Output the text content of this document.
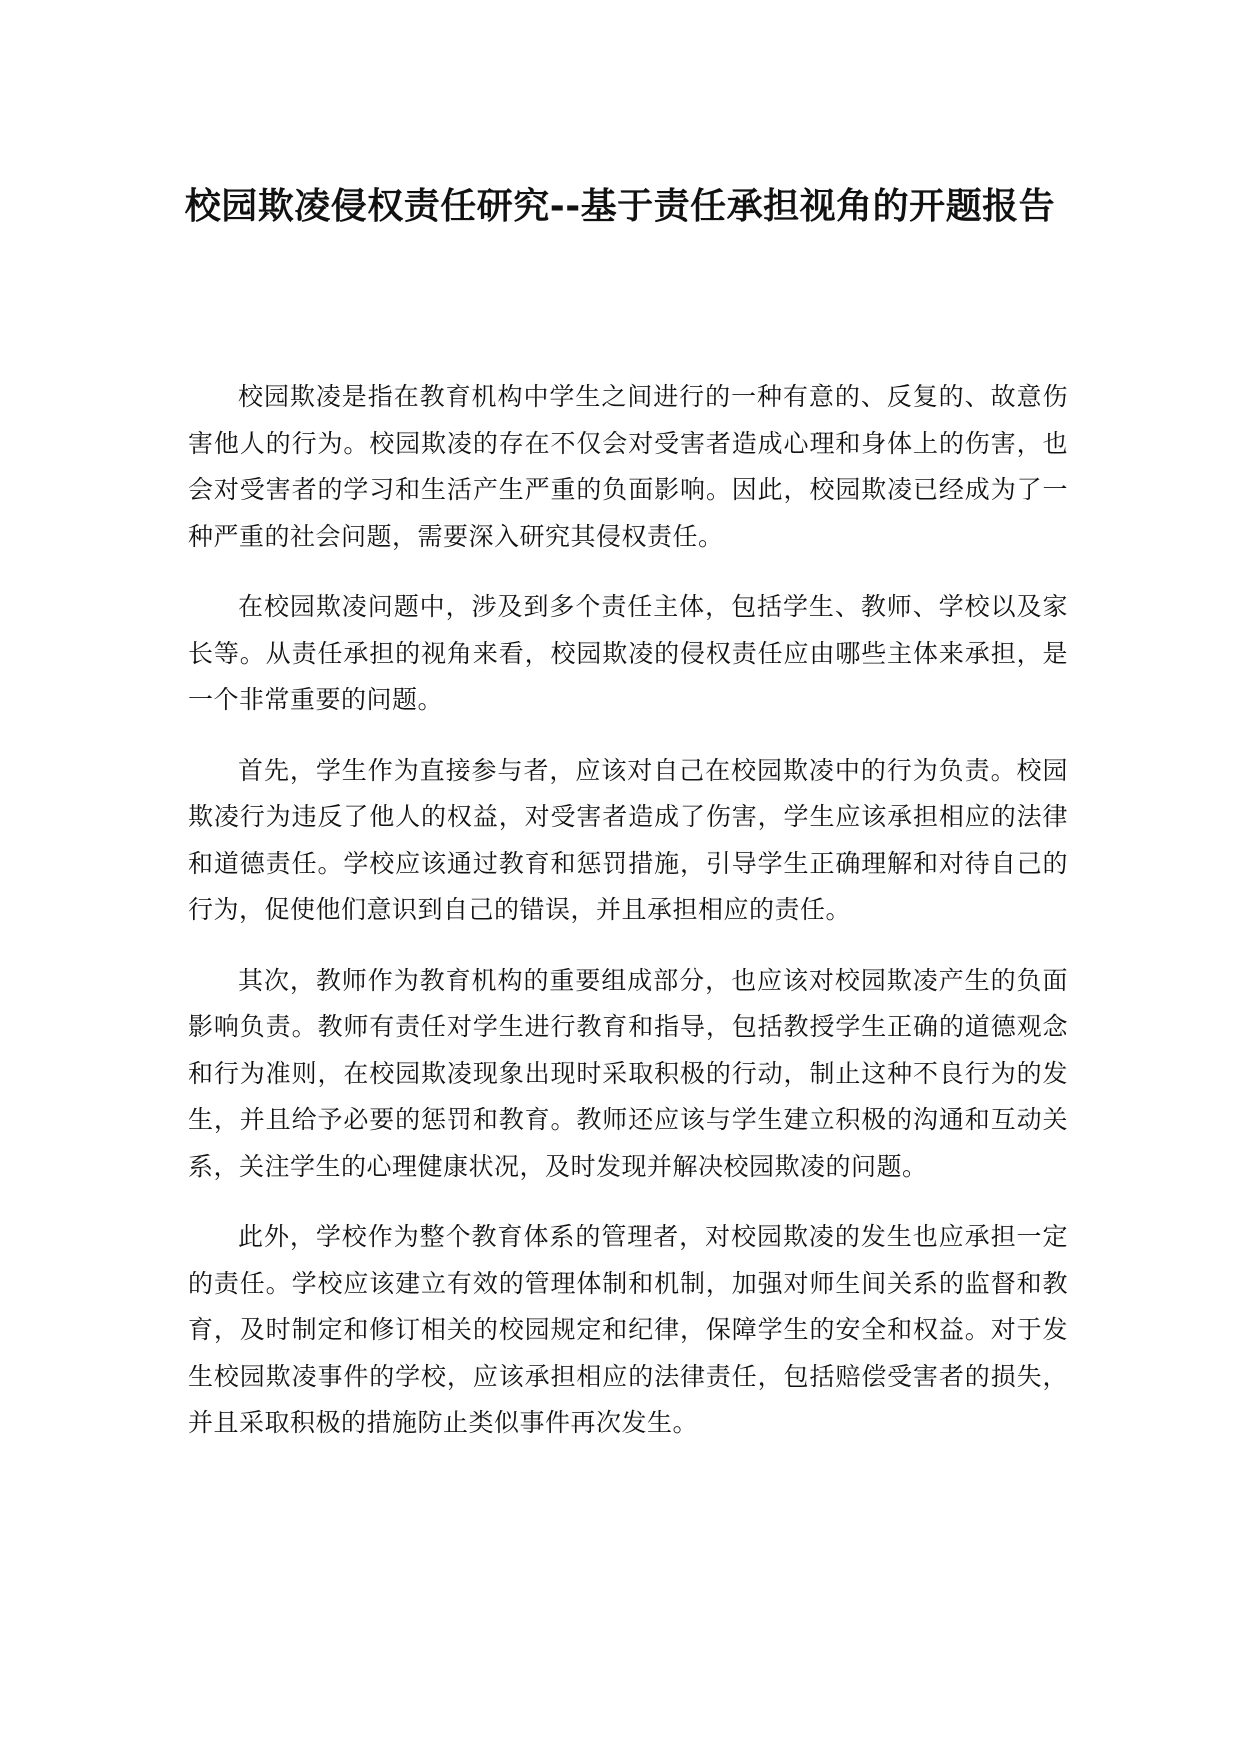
校园欺凌侵权责任研究--基于责任承担视角的开题报告

校园欺凌是指在教育机构中学生之间进行的一种有意的、反复的、故意伤害他人的行为。校园欺凌的存在不仅会对受害者造成心理和身体上的伤害，也会对受害者的学习和生活产生严重的负面影响。因此，校园欺凌已经成为了一种严重的社会问题，需要深入研究其侵权责任。

在校园欺凌问题中，涉及到多个责任主体，包括学生、教师、学校以及家长等。从责任承担的视角来看，校园欺凌的侵权责任应由哪些主体来承担，是一个非常重要的问题。

首先，学生作为直接参与者，应该对自己在校园欺凌中的行为负责。校园欺凌行为违反了他人的权益，对受害者造成了伤害，学生应该承担相应的法律和道德责任。学校应该通过教育和惩罚措施，引导学生正确理解和对待自己的行为，促使他们意识到自己的错误，并且承担相应的责任。

其次，教师作为教育机构的重要组成部分，也应该对校园欺凌产生的负面影响负责。教师有责任对学生进行教育和指导，包括教授学生正确的道德观念和行为准则，在校园欺凌现象出现时采取积极的行动，制止这种不良行为的发生，并且给予必要的惩罚和教育。教师还应该与学生建立积极的沟通和互动关系，关注学生的心理健康状况，及时发现并解决校园欺凌的问题。

此外，学校作为整个教育体系的管理者，对校园欺凌的发生也应承担一定的责任。学校应该建立有效的管理体制和机制，加强对师生间关系的监督和教育，及时制定和修订相关的校园规定和纪律，保障学生的安全和权益。对于发生校园欺凌事件的学校，应该承担相应的法律责任，包括赔偿受害者的损失，并且采取积极的措施防止类似事件再次发生。
